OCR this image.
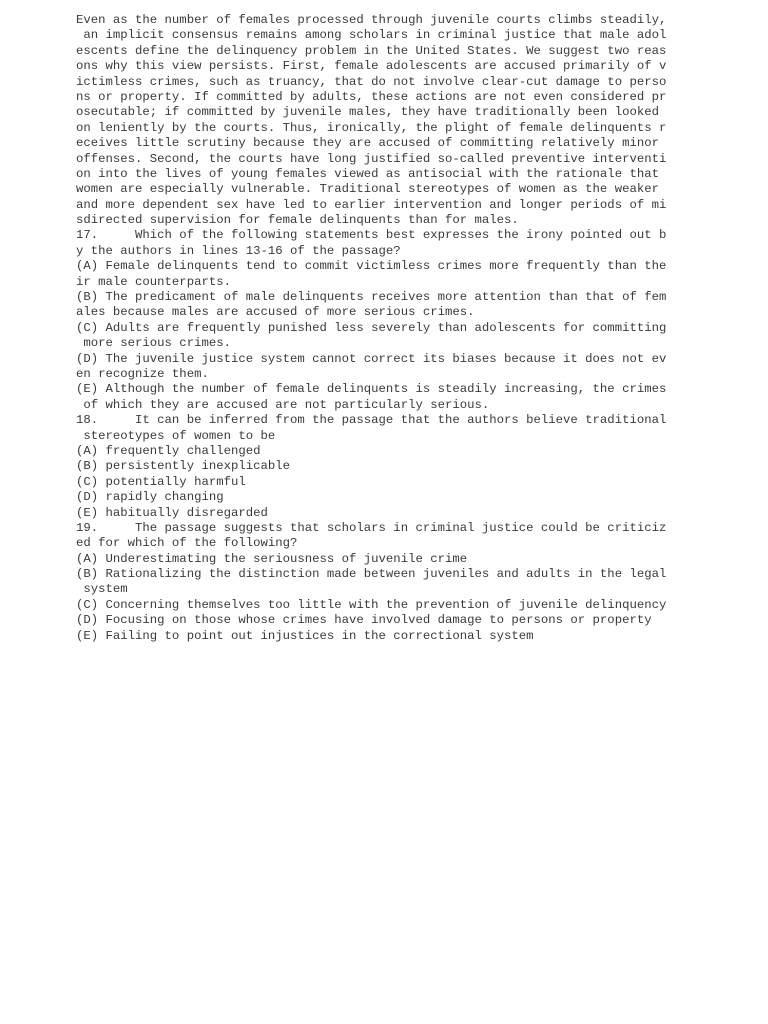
Even as the number of females processed through juvenile courts climbs steadily,
an implicit consensus remains among scholars in criminal justice that male adol
escents define the delinquency problem in the United States. We suggest two reas
ons why this view persists. First, female adolescents are accused primarily of v
ictimless crimes, such as truancy, that do not involve clear-cut damage to perso
ns or property. If committed by adults, these actions are not even considered pr
osecutable; if committed by juvenile males, they have traditionally been looked
on leniently by the courts. Thus, ironically, the plight of female delinquents r
eceives little scrutiny because they are accused of committing relatively minor
offenses. Second, the courts have long justified so-called preventive interventi
on into the lives of young females viewed as antisocial with the rationale that
women are especially vulnerable. Traditional stereotypes of women as the weaker
and more dependent sex have led to earlier intervention and longer periods of mi
sdirected supervision for female delinquents than for males.
17.     Which of the following statements best expresses the irony pointed out b
y the authors in lines 13-16 of the passage?
(A) Female delinquents tend to commit victimless crimes more frequently than the
ir male counterparts.
(B) The predicament of male delinquents receives more attention than that of fem
ales because males are accused of more serious crimes.
(C) Adults are frequently punished less severely than adolescents for committing
more serious crimes.
(D) The juvenile justice system cannot correct its biases because it does not ev
en recognize them.
(E) Although the number of female delinquents is steadily increasing, the crimes
of which they are accused are not particularly serious.
18.     It can be inferred from the passage that the authors believe traditional
stereotypes of women to be
(A) frequently challenged
(B) persistently inexplicable
(C) potentially harmful
(D) rapidly changing
(E) habitually disregarded
19.     The passage suggests that scholars in criminal justice could be criticiz
ed for which of the following?
(A) Underestimating the seriousness of juvenile crime
(B) Rationalizing the distinction made between juveniles and adults in the legal
system
(C) Concerning themselves too little with the prevention of juvenile delinquency
(D) Focusing on those whose crimes have involved damage to persons or property
(E) Failing to point out injustices in the correctional system
